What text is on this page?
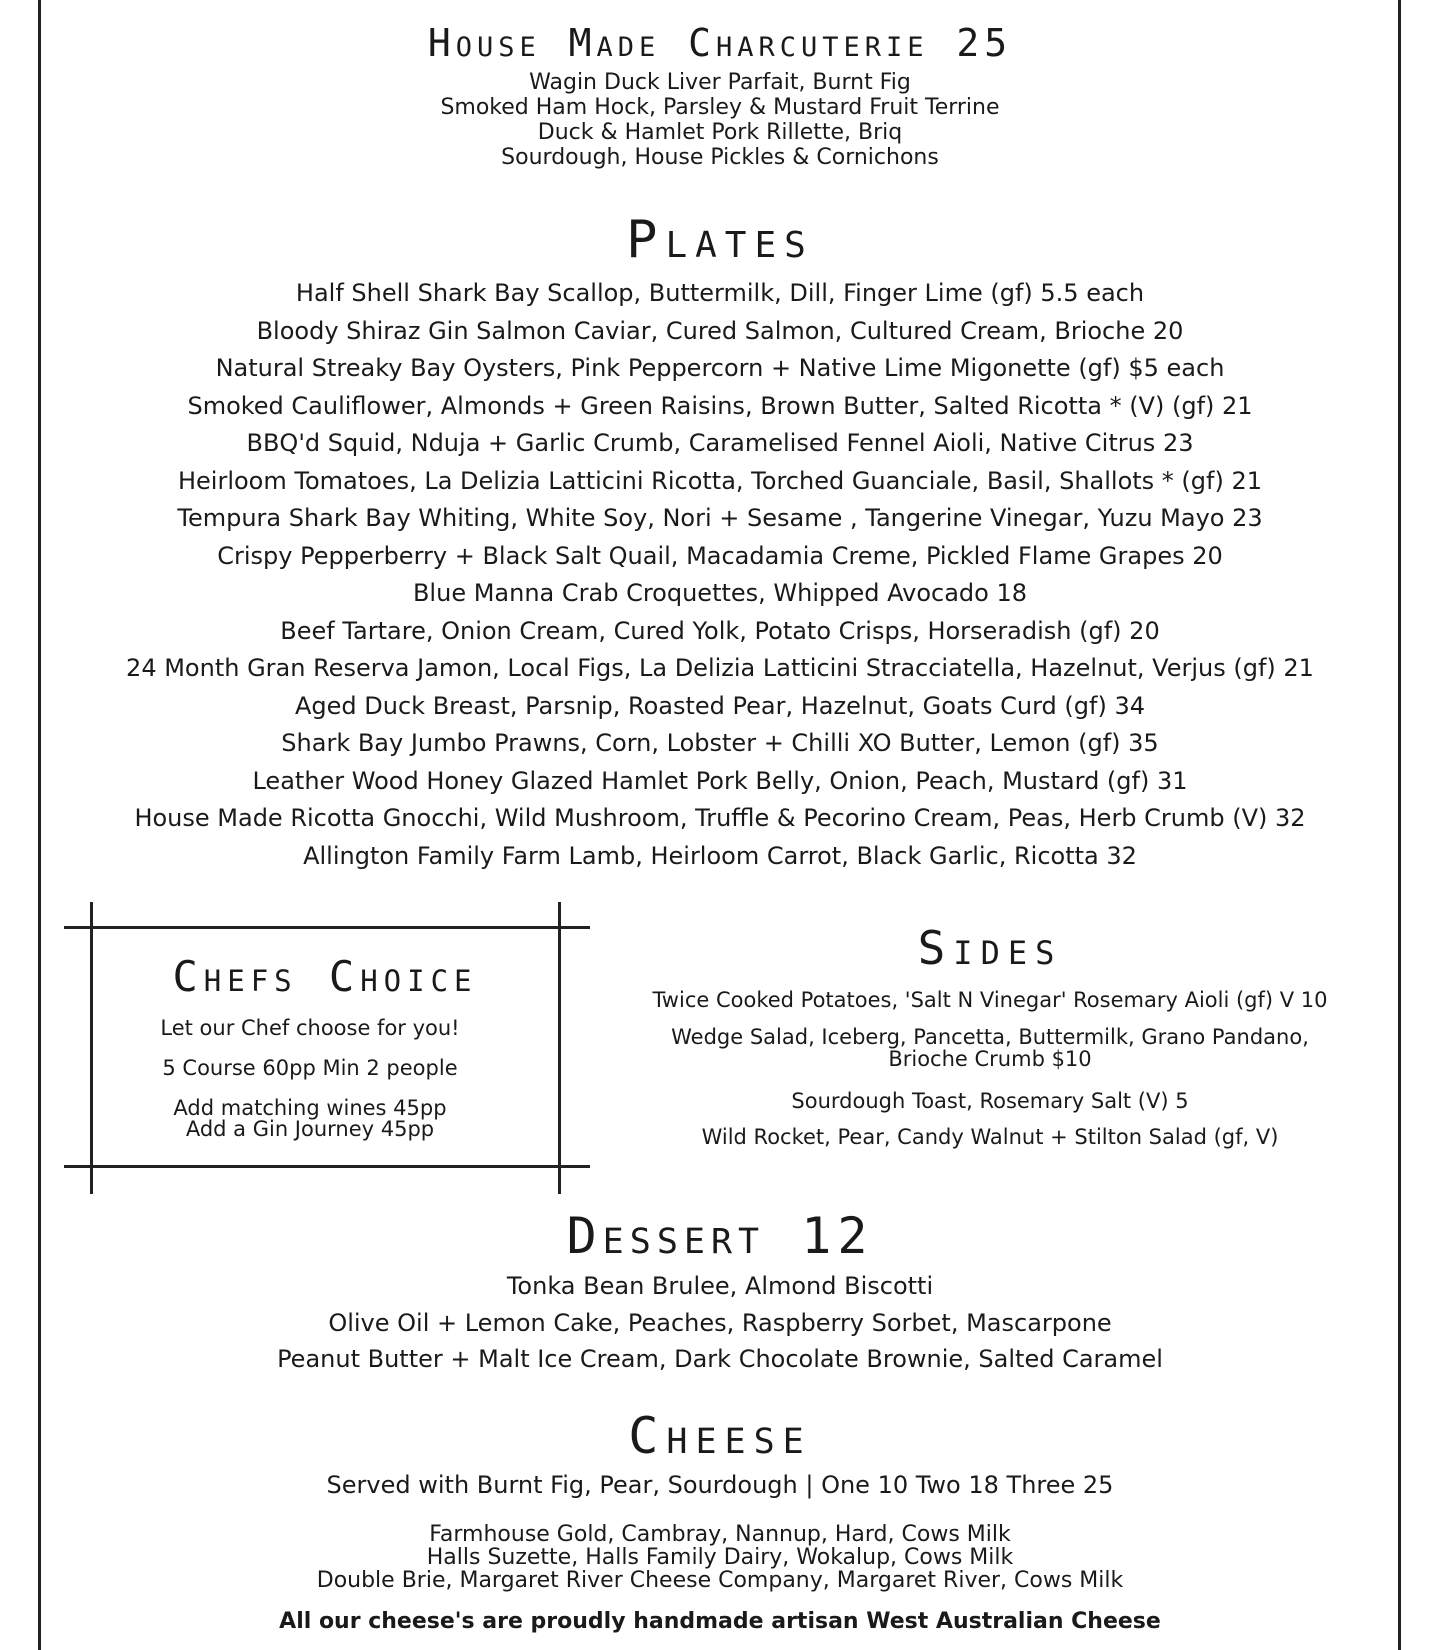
House Made Charcuterie 25
Wagin Duck Liver Parfait, Burnt Fig
Smoked Ham Hock, Parsley & Mustard Fruit Terrine
Duck & Hamlet Pork Rillette, Briq
Sourdough, House Pickles & Cornichons
Plates
Half Shell Shark Bay Scallop, Buttermilk, Dill, Finger Lime (gf) 5.5 each
Bloody Shiraz Gin Salmon Caviar, Cured Salmon, Cultured Cream, Brioche 20
Natural Streaky Bay Oysters, Pink Peppercorn + Native Lime Migonette (gf) $5 each
Smoked Cauliflower, Almonds + Green Raisins, Brown Butter, Salted Ricotta * (V) (gf) 21
BBQ'd Squid, Nduja + Garlic Crumb, Caramelised Fennel Aioli, Native Citrus 23
Heirloom Tomatoes, La Delizia Latticini Ricotta, Torched Guanciale, Basil, Shallots * (gf) 21
Tempura Shark Bay Whiting, White Soy, Nori + Sesame , Tangerine Vinegar, Yuzu Mayo 23
Crispy Pepperberry + Black Salt Quail, Macadamia Creme, Pickled Flame Grapes 20
Blue Manna Crab Croquettes, Whipped Avocado 18
Beef Tartare, Onion Cream, Cured Yolk, Potato Crisps, Horseradish (gf) 20
24 Month Gran Reserva Jamon, Local Figs, La Delizia Latticini Stracciatella, Hazelnut, Verjus (gf) 21
Aged Duck Breast, Parsnip, Roasted Pear, Hazelnut, Goats Curd (gf) 34
Shark Bay Jumbo Prawns, Corn, Lobster + Chilli XO Butter, Lemon (gf) 35
Leather Wood Honey Glazed Hamlet Pork Belly, Onion, Peach, Mustard (gf) 31
House Made Ricotta Gnocchi, Wild Mushroom, Truffle & Pecorino Cream, Peas, Herb Crumb (V) 32
Allington Family Farm Lamb, Heirloom Carrot, Black Garlic, Ricotta 32
Chefs Choice
Let our Chef choose for you!
5 Course 60pp Min 2 people
Add matching wines 45pp
Add a Gin Journey 45pp
Sides
Twice Cooked Potatoes, 'Salt N Vinegar' Rosemary Aioli (gf) V 10
Wedge Salad, Iceberg, Pancetta, Buttermilk, Grano Pandano,
Brioche Crumb $10
Sourdough Toast, Rosemary Salt (V) 5
Wild Rocket, Pear, Candy Walnut + Stilton Salad (gf, V)
Dessert 12
Tonka Bean Brulee, Almond Biscotti
Olive Oil + Lemon Cake, Peaches, Raspberry Sorbet, Mascarpone
Peanut Butter + Malt Ice Cream, Dark Chocolate Brownie, Salted Caramel
Cheese
Served with Burnt Fig, Pear, Sourdough | One 10 Two 18 Three 25
Farmhouse Gold, Cambray, Nannup, Hard, Cows Milk
Halls Suzette, Halls Family Dairy, Wokalup, Cows Milk
Double Brie, Margaret River Cheese Company, Margaret River, Cows Milk
All our cheese's are proudly handmade artisan West Australian Cheese
